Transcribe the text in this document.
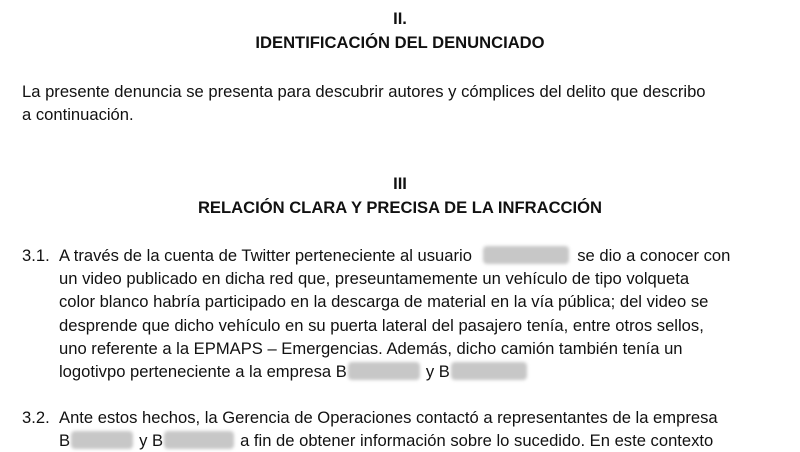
II.
IDENTIFICACIÓN DEL DENUNCIADO
La presente denuncia se presenta para descubrir autores y cómplices del delito que describo
a continuación.
III
RELACIÓN CLARA Y PRECISA DE LA INFRACCIÓN
3.1. A través de la cuenta de Twitter perteneciente al usuario	se dio a conocer con
un video publicado en dicha red que, preseuntamemente un vehículo de tipo volqueta
color blanco habría participado en la descarga de material en la vía pública; del video se
desprende que dicho vehículo en su puerta lateral del pasajero tenía, entre otros sellos,
uno referente a la EPMAPS – Emergencias. Además, dicho camión también tenía un
logotivpo perteneciente a la empresa B	y B
3.2. Ante estos hechos, la Gerencia de Operaciones contactó a representantes de la empresa
B	y B	a fin de obtener información sobre lo sucedido. En este contexto
